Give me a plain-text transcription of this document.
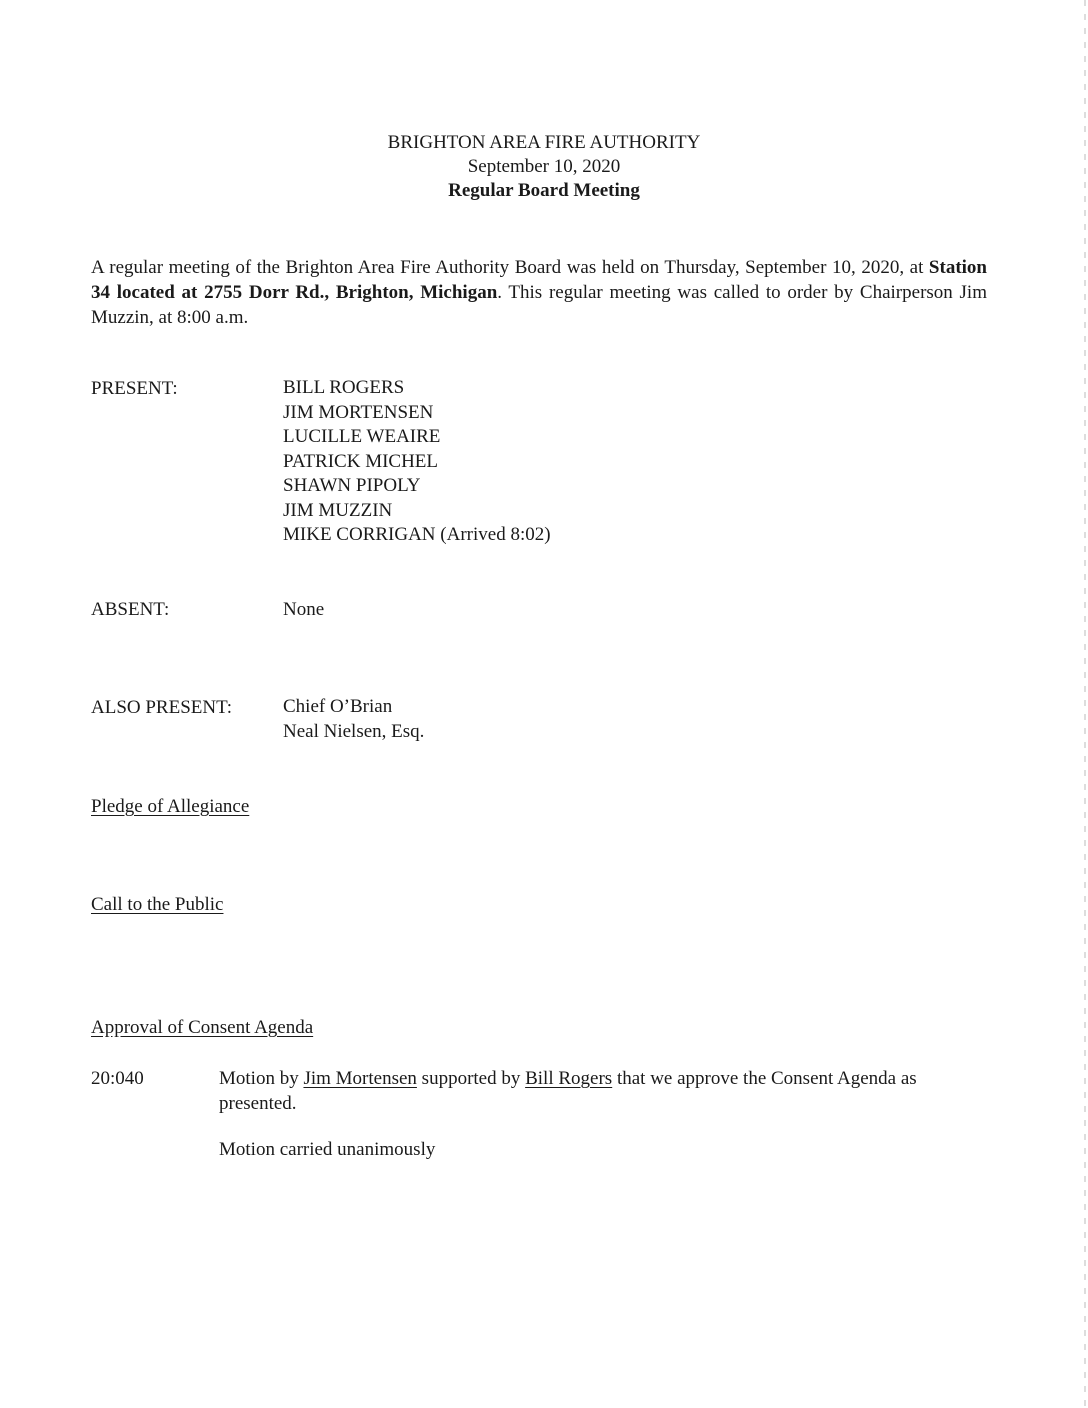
BRIGHTON AREA FIRE AUTHORITY
September 10, 2020
Regular Board Meeting
A regular meeting of the Brighton Area Fire Authority Board was held on Thursday, September 10, 2020, at Station 34 located at 2755 Dorr Rd., Brighton, Michigan. This regular meeting was called to order by Chairperson Jim Muzzin, at 8:00 a.m.
PRESENT:	BILL ROGERS
JIM MORTENSEN
LUCILLE WEAIRE
PATRICK MICHEL
SHAWN PIPOLY
JIM MUZZIN
MIKE CORRIGAN (Arrived 8:02)
ABSENT:	None
ALSO PRESENT:	Chief O’Brian
Neal Nielsen, Esq.
Pledge of Allegiance
Call to the Public
Approval of Consent Agenda
20:040	Motion by Jim Mortensen supported by Bill Rogers that we approve the Consent Agenda as presented.
Motion carried unanimously
